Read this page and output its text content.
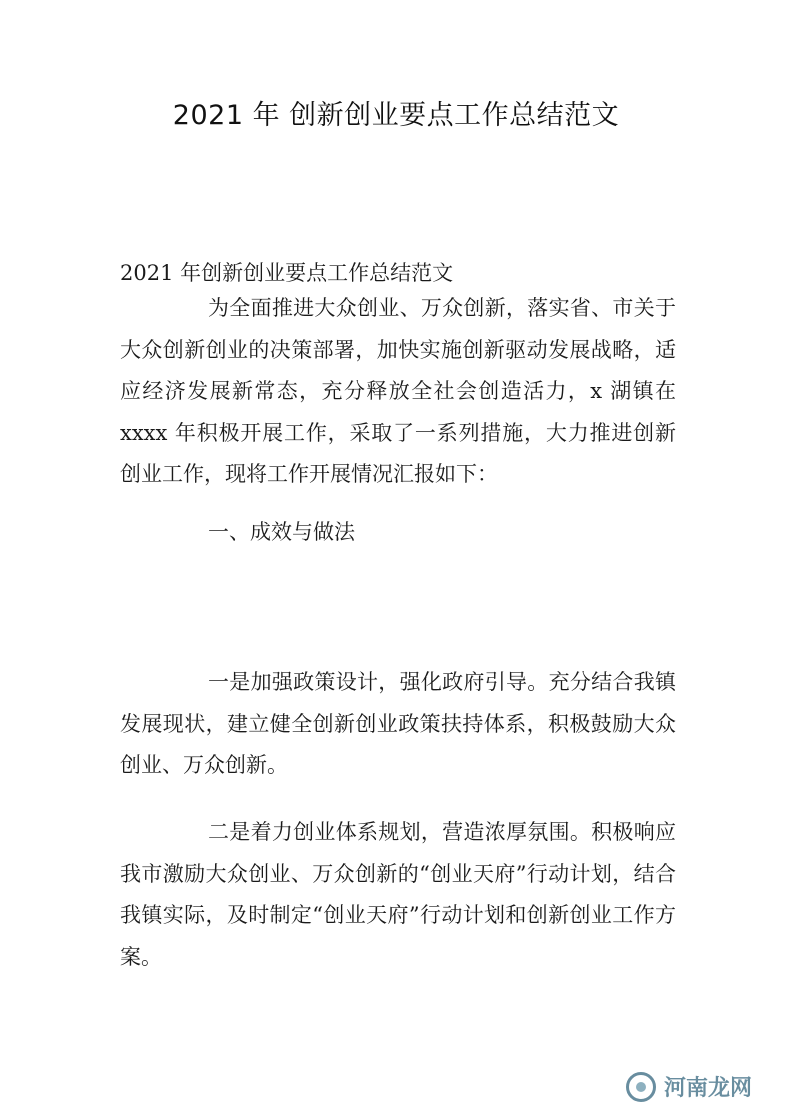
2021 年 创新创业要点工作总结范文
2021 年创新创业要点工作总结范文

为全面推进大众创业、万众创新，落实省、市关于大众创新创业的决策部署，加快实施创新驱动发展战略，适应经济发展新常态，充分释放全社会创造活力，x 湖镇在 xxxx 年积极开展工作，采取了一系列措施，大力推进创新创业工作，现将工作开展情况汇报如下：

一、成效与做法

一是加强政策设计，强化政府引导。充分结合我镇发展现状，建立健全创新创业政策扶持体系，积极鼓励大众创业、万众创新。

二是着力创业体系规划，营造浓厚氛围。积极响应我市激励大众创业、万众创新的“创业天府”行动计划，结合我镇实际，及时制定“创业天府”行动计划和创新创业工作方案。

河南龙网
